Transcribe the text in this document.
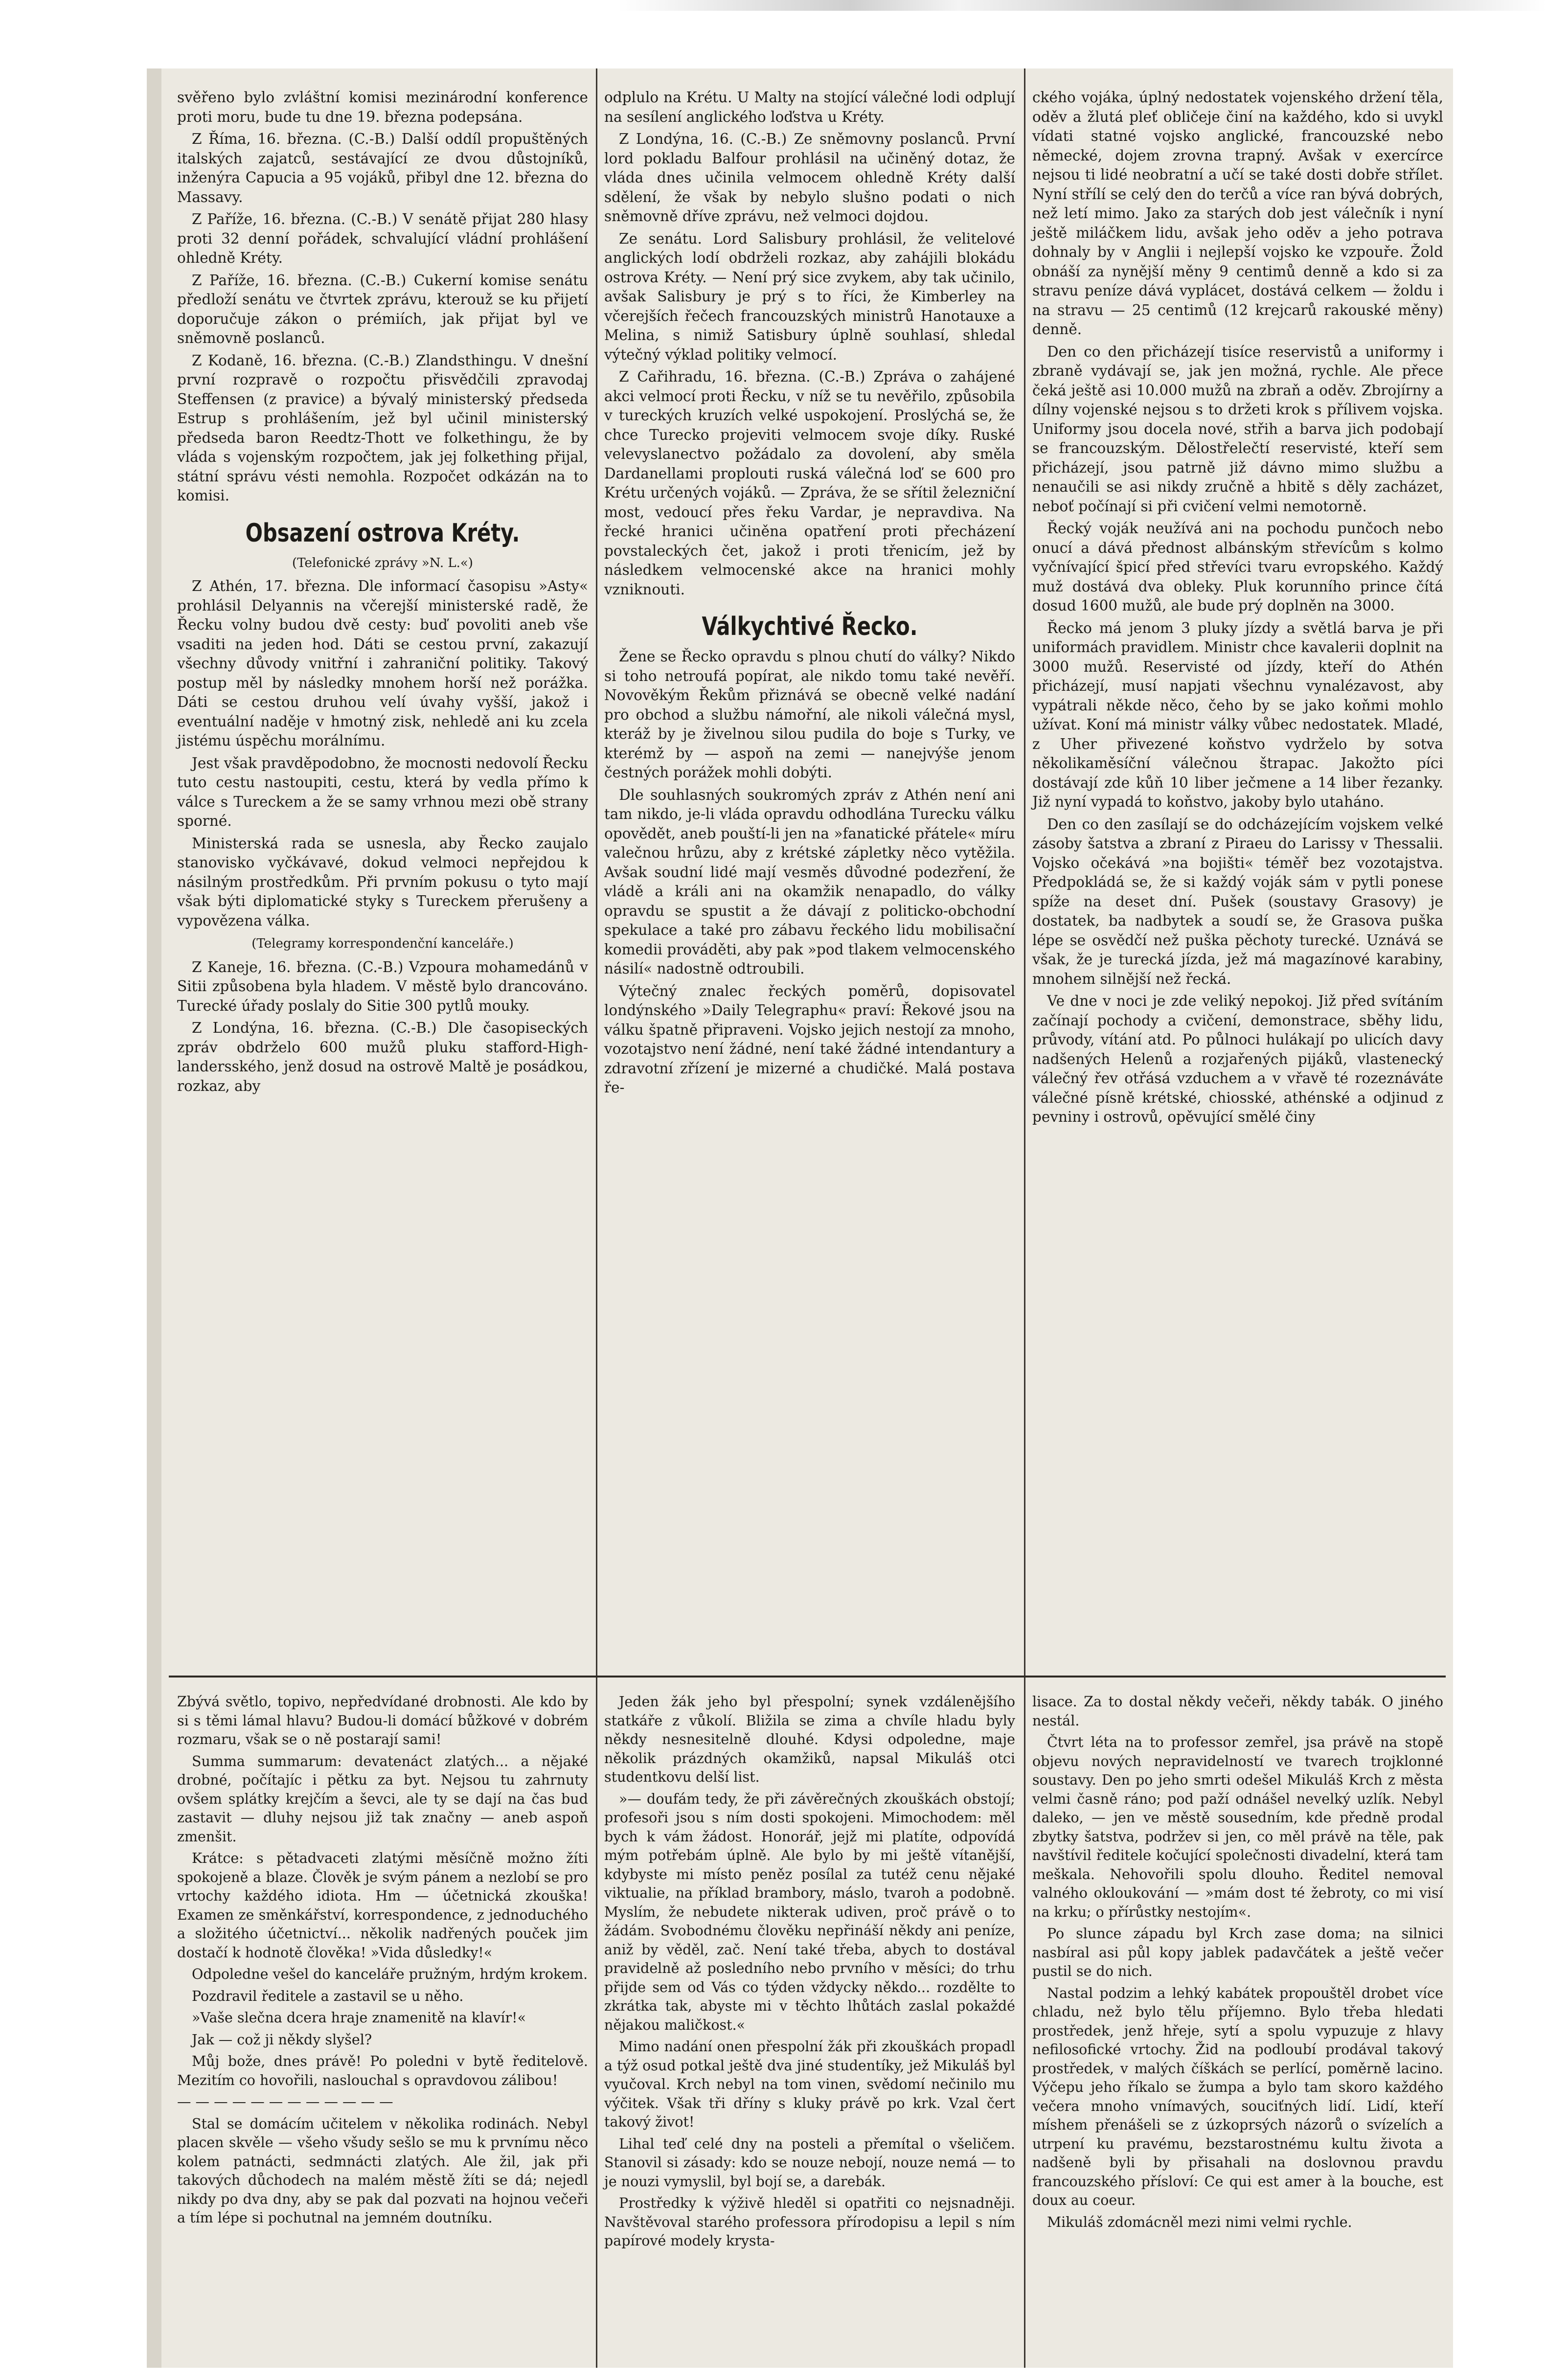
svěřeno bylo zvláštní komisi mezinárodní konference proti moru, bude tu dne 19. března podepsána.

Z Říma, 16. března. (C.-B.) Další oddíl propuštěných italských zajatců, sestávající ze dvou důstojníků, inženýra Capucia a 95 vojáků, přibyl dne 12. března do Massavy.

Z Paříže, 16. března. (C.-B.) V senátě přijat 280 hlasy proti 32 denní pořádek, schvalující vládní prohlášení ohledně Kréty.

Z Paříže, 16. března. (C.-B.) Cukerní komise senátu předloží senátu ve čtvrtek zprávu, kterouž se ku přijetí doporučuje zákon o prémiích, jak přijat byl ve sněmovně poslanců.

Z Kodaně, 16. března. (C.-B.) Zlandsthingu. V dnešní první rozpravě o rozpočtu přisvědčili zpravodaj Steffensen (z pravice) a bývalý ministerský předseda Estrup s prohlášením, jež byl učinil ministerský předseda baron Reedtz-Thott ve folkethingu, že by vláda s vojenským rozpočtem, jak jej folkething přijal, státní správu vésti nemohla. Rozpočet odkázán na to komisi.

Obsazení ostrova Kréty.

(Telefonické zprávy »N. L.«)

Z Athén, 17. března. Dle informací časopisu »Asty« prohlásil Delyannis na včerejší ministerské radě, že Řecku volny budou dvě cesty: buď povoliti aneb vše vsaditi na jeden hod. Dáti se cestou první, zakazují všechny důvody vnitřní i zahraniční politiky. Takový postup měl by následky mnohem horší než porážka. Dáti se cestou druhou velí úvahy vyšší, jakož i eventuální naděje v hmotný zisk, nehledě ani ku zcela jistému úspěchu morálnímu.

Jest však pravděpodobno, že mocnosti nedovolí Řecku tuto cestu nastoupiti, cestu, která by vedla přímo k válce s Tureckem a že se samy vrhnou mezi obě strany sporné.

Ministerská rada se usnesla, aby Řecko zaujalo stanovisko vyčkávavé, dokud velmoci nepřejdou k násilným prostředkům. Při prvním pokusu o tyto mají však býti diplomatické styky s Tureckem přerušeny a vypovězena válka.

(Telegramy korrespondenční kanceláře.)

Z Kaneje, 16. března. (C.-B.) Vzpoura mohamedánů v Sitii způsobena byla hladem. V městě bylo drancováno. Turecké úřady poslaly do Sitie 300 pytlů mouky.

Z Londýna, 16. března. (C.-B.) Dle časopiseckých zpráv obdrželo 600 mužů pluku stafford-High-landersského, jenž dosud na ostrově Maltě je posádkou, rozkaz, aby

odplulo na Krétu. U Malty na stojící válečné lodi odplují na sesílení anglického loďstva u Kréty.

Z Londýna, 16. (C.-B.) Ze sněmovny poslanců. První lord pokladu Balfour prohlásil na učiněný dotaz, že vláda dnes učinila velmocem ohledně Kréty další sdělení, že však by nebylo slušno podati o nich sněmovně dříve zprávu, než velmoci dojdou.

Ze senátu. Lord Salisbury prohlásil, že velitelové anglických lodí obdrželi rozkaz, aby zahájili blokádu ostrova Kréty. — Není prý sice zvykem, aby tak učinilo, avšak Salisbury je prý s to říci, že Kimberley na včerejších řečech francouzských ministrů Hanotauxe a Melina, s nimiž Satisbury úplně souhlasí, shledal výtečný výklad politiky velmocí.

Z Cařihradu, 16. března. (C.-B.) Zpráva o zahájené akci velmocí proti Řecku, v níž se tu nevěřilo, způsobila v tureckých kruzích velké uspokojení. Proslýchá se, že chce Turecko projeviti velmocem svoje díky. Ruské velevyslanectvo požádalo za dovolení, aby směla Dardanellami proplouti ruská válečná loď se 600 pro Krétu určených vojáků. — Zpráva, že se sřítil železniční most, vedoucí přes řeku Vardar, je nepravdiva. Na řecké hranici učiněna opatření proti přecházení povstaleckých čet, jakož i proti třenicím, jež by následkem velmocenské akce na hranici mohly vzniknouti.

Válkychtivé Řecko.

Žene se Řecko opravdu s plnou chutí do války? Nikdo si toho netroufá popírat, ale nikdo tomu také nevěří. Novověkým Řekům přiznává se obecně velké nadání pro obchod a službu námořní, ale nikoli válečná mysl, kteráž by je živelnou silou pudila do boje s Turky, ve kterémž by — aspoň na zemi — nanejvýše jenom čestných porážek mohli dobýti.

Dle souhlasných soukromých zpráv z Athén není ani tam nikdo, je-li vláda opravdu odhodlána Turecku válku opovědět, aneb pouští-li jen na »fanatické přátele« míru valečnou hrůzu, aby z krétské zápletky něco vytěžila. Avšak soudní lidé mají vesměs důvodné podezření, že vládě a králi ani na okamžik nenapadlo, do války opravdu se spustit a že dávají z politicko-obchodní spekulace a také pro zábavu řeckého lidu mobilisační komedii prováděti, aby pak »pod tlakem velmocenského násilí« nadostně odtroubili.

Výtečný znalec řeckých poměrů, dopisovatel londýnského »Daily Telegraphu« praví: Řekové jsou na válku špatně připraveni. Vojsko jejich nestojí za mnoho, vozotajstvo není žádné, není také žádné intendantury a zdravotní zřízení je mizerné a chudičké. Malá postava ře-

ckého vojáka, úplný nedostatek vojenského držení těla, oděv a žlutá pleť obličeje činí na každého, kdo si uvykl vídati statné vojsko anglické, francouzské nebo německé, dojem zrovna trapný. Avšak v exercírce nejsou ti lidé neobratní a učí se také dosti dobře střílet. Nyní střílí se celý den do terčů a více ran bývá dobrých, než letí mimo. Jako za starých dob jest válečník i nyní ještě miláčkem lidu, avšak jeho oděv a jeho potrava dohnaly by v Anglii i nejlepší vojsko ke vzpouře. Žold obnáší za nynější měny 9 centimů denně a kdo si za stravu peníze dává vyplácet, dostává celkem — žoldu i na stravu — 25 centimů (12 krejcarů rakouské měny) denně.

Den co den přicházejí tisíce reservistů a uniformy i zbraně vydávají se, jak jen možná, rychle. Ale přece čeká ještě asi 10.000 mužů na zbraň a oděv. Zbrojírny a dílny vojenské nejsou s to držeti krok s přílivem vojska. Uniformy jsou docela nové, střih a barva jich podobají se francouzským. Dělostřelečtí reservisté, kteří sem přicházejí, jsou patrně již dávno mimo službu a nenaučili se asi nikdy zručně a hbitě s děly zacházet, neboť počínají si při cvičení velmi nemotorně.

Řecký voják neužívá ani na pochodu punčoch nebo onucí a dává přednost albánským střevícům s kolmo vyčnívající špicí před střevíci tvaru evropského. Každý muž dostává dva obleky. Pluk korunního prince čítá dosud 1600 mužů, ale bude prý doplněn na 3000.

Řecko má jenom 3 pluky jízdy a světlá barva je při uniformách pravidlem. Ministr chce kavalerii doplnit na 3000 mužů. Reservisté od jízdy, kteří do Athén přicházejí, musí napjati všechnu vynalézavost, aby vypátrali někde něco, čeho by se jako koňmi mohlo užívat. Koní má ministr války vůbec nedostatek. Mladé, z Uher přivezené koňstvo vydrželo by sotva několikaměsíční válečnou štrapac. Jakožto píci dostávají zde kůň 10 liber ječmene a 14 liber řezanky. Již nyní vypadá to koňstvo, jakoby bylo utaháno.

Den co den zasílají se do odcházejícím vojskem velké zásoby šatstva a zbraní z Piraeu do Larissy v Thessalii. Vojsko očekává »na bojišti« téměř bez vozotajstva. Předpokládá se, že si každý voják sám v pytli ponese spíže na deset dní. Pušek (soustavy Grasovy) je dostatek, ba nadbytek a soudí se, že Grasova puška lépe se osvědčí než puška pěchoty turecké. Uznává se však, že je turecká jízda, jež má magazínové karabiny, mnohem silnější než řecká.

Ve dne v noci je zde veliký nepokoj. Již před svítáním začínají pochody a cvičení, demonstrace, sběhy lidu, průvody, vítání atd. Po půlnoci hulákají po ulicích davy nadšených Helenů a rozjařených pijáků, vlastenecký válečný řev otřásá vzduchem a v vřavě té rozeznáváte válečné písně krétské, chiosské, athénské a odjinud z pevniny i ostrovů, opěvující smělé činy

Zbývá světlo, topivo, nepředvídané drobnosti. Ale kdo by si s těmi lámal hlavu? Budou-li domácí bůžkové v dobrém rozmaru, však se o ně postarají sami!

Summa summarum: devatenáct zlatých... a nějaké drobné, počítajíc i pětku za byt. Nejsou tu zahrnuty ovšem splátky krejčím a ševci, ale ty se dají na čas bud zastavit — dluhy nejsou již tak značny — aneb aspoň zmenšit.

Krátce: s pětadvaceti zlatými měsíčně možno žíti spokojeně a blaze. Člověk je svým pánem a nezlobí se pro vrtochy každého idiota. Hm — účetnická zkouška! Examen ze směnkářství, korrespondence, z jednoduchého a složitého účetnictví... několik nadřených pouček jim dostačí k hodnotě člověka! »Vida důsledky!«

Odpoledne vešel do kanceláře pružným, hrdým krokem.

Pozdravil ředitele a zastavil se u něho.

»Vaše slečna dcera hraje znamenitě na klavír!«

Jak — což ji někdy slyšel?

Můj bože, dnes právě! Po poledni v bytě ředitelově. Mezitím co hovořili, naslouchal s opravdovou zálibou!

— — — — — — — — — — — —

Stal se domácím učitelem v několika rodinách. Nebyl placen skvěle — všeho všudy sešlo se mu k prvnímu něco kolem patnácti, sedmnácti zlatých. Ale žil, jak při takových důchodech na malém městě žíti se dá; nejedl nikdy po dva dny, aby se pak dal pozvati na hojnou večeři a tím lépe si pochutnal na jemném doutníku.

Jeden žák jeho byl přespolní; synek vzdálenějšího statkáře z vůkolí. Bližila se zima a chvíle hladu byly někdy nesnesitelně dlouhé. Kdysi odpoledne, maje několik prázdných okamžiků, napsal Mikuláš otci studentkovu delší list.

»— doufám tedy, že při závěrečných zkouškách obstojí; profesoři jsou s ním dosti spokojeni. Mimochodem: měl bych k vám žádost. Honorář, jejž mi platíte, odpovídá mým potřebám úplně. Ale bylo by mi ještě vítanější, kdybyste mi místo peněz posílal za tutéž cenu nějaké viktualie, na příklad brambory, máslo, tvaroh a podobně. Myslím, že nebudete nikterak udiven, proč právě o to žádám. Svobodnému člověku nepřináší někdy ani peníze, aniž by věděl, zač. Není také třeba, abych to dostával pravidelně až posledního nebo prvního v měsíci; do trhu přijde sem od Vás co týden vždycky někdo... rozdělte to zkrátka tak, abyste mi v těchto lhůtách zaslal pokaždé nějakou maličkost.«

Mimo nadání onen přespolní žák při zkouškách propadl a týž osud potkal ještě dva jiné studentíky, jež Mikuláš byl vyučoval. Krch nebyl na tom vinen, svědomí nečinilo mu výčitek. Však tři dříny s kluky právě po krk. Vzal čert takový život!

Lihal teď celé dny na posteli a přemítal o všeličem. Stanovil si zásady: kdo se nouze nebojí, nouze nemá — to je nouzi vymyslil, byl bojí se, a darebák.

Prostředky k výživě hleděl si opatřiti co nejsnadněji. Navštěvoval starého professora přírodopisu a lepil s ním papírové modely krysta-

lisace. Za to dostal někdy večeři, někdy tabák. O jiného nestál.

Čtvrt léta na to professor zemřel, jsa právě na stopě objevu nových nepravidelností ve tvarech trojklonné soustavy. Den po jeho smrti odešel Mikuláš Krch z města velmi časně ráno; pod paží odnášel nevelký uzlík. Nebyl daleko, — jen ve městě sousedním, kde předně prodal zbytky šatstva, podržev si jen, co měl právě na těle, pak navštívil ředitele kočující společnosti divadelní, která tam meškala. Nehovořili spolu dlouho. Ředitel nemoval valného okloukování — »mám dost té žebroty, co mi visí na krku; o přírůstky nestojím«.

Po slunce západu byl Krch zase doma; na silnici nasbíral asi půl kopy jablek padavčátek a ještě večer pustil se do nich.

Nastal podzim a lehký kabátek propouštěl drobet více chladu, než bylo tělu příjemno. Bylo třeba hledati prostředek, jenž hřeje, sytí a spolu vypuzuje z hlavy nefilosofické vrtochy. Žid na podloubí prodával takový prostředek, v malých číškách se perlící, poměrně lacino. Výčepu jeho říkalo se žumpa a bylo tam skoro každého večera mnoho vnímavých, souciťných lidí. Lidí, kteří míshem přenášeli se z úzkoprsých názorů o svízelích a utrpení ku pravému, bezstarostnému kultu života a nadšeně byli by přisahali na doslovnou pravdu francouzského přísloví: Ce qui est amer à la bouche, est doux au coeur.

Mikuláš zdomácněl mezi nimi velmi rychle.
